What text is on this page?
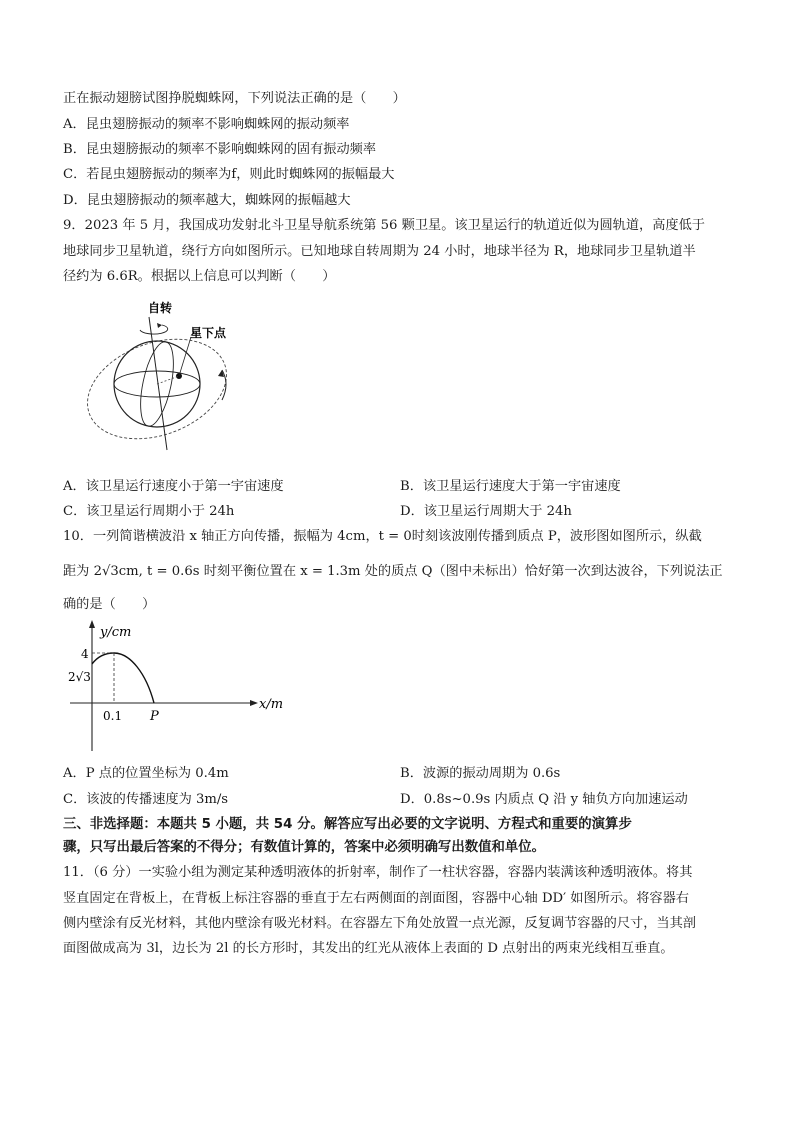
正在振动翅膀试图挣脱蜘蛛网，下列说法正确的是（　　）
A．昆虫翅膀振动的频率不影响蜘蛛网的振动频率
B．昆虫翅膀振动的频率不影响蜘蛛网的固有振动频率
C．若昆虫翅膀振动的频率为f，则此时蜘蛛网的振幅最大
D．昆虫翅膀振动的频率越大，蜘蛛网的振幅越大
9．2023 年 5 月，我国成功发射北斗卫星导航系统第 56 颗卫星。该卫星运行的轨道近似为圆轨道，高度低于
地球同步卫星轨道，绕行方向如图所示。已知地球自转周期为 24 小时，地球半径为 R，地球同步卫星轨道半
径约为 6.6R。根据以上信息可以判断（　　）
自转
星下点
A．该卫星运行速度小于第一宇宙速度	B．该卫星运行速度大于第一宇宙速度
C．该卫星运行周期小于 24h	D．该卫星运行周期大于 24h
10．一列简谐横波沿 x 轴正方向传播，振幅为 4cm，t = 0时刻该波刚传播到质点 P，波形图如图所示，纵截
距为 2√3cm, t = 0.6s 时刻平衡位置在 x = 1.3m 处的质点 Q（图中未标出）恰好第一次到达波谷，下列说法正
确的是（　　）
y/cm
x/m
4
2√3
0.1 P
A．P 点的位置坐标为 0.4m	B．波源的振动周期为 0.6s
C．该波的传播速度为 3m/s	D．0.8s~0.9s 内质点 Q 沿 y 轴负方向加速运动
三、非选择题：本题共 5 小题，共 54 分。解答应写出必要的文字说明、方程式和重要的演算步
骤，只写出最后答案的不得分；有数值计算的，答案中必须明确写出数值和单位。
11．（6 分）一实验小组为测定某种透明液体的折射率，制作了一柱状容器，容器内装满该种透明液体。将其
竖直固定在背板上，在背板上标注容器的垂直于左右两侧面的剖面图，容器中心轴 DD′ 如图所示。将容器右
侧内壁涂有反光材料，其他内壁涂有吸光材料。在容器左下角处放置一点光源，反复调节容器的尺寸，当其剖
面图做成高为 3l，边长为 2l 的长方形时，其发出的红光从液体上表面的 D 点射出的两束光线相互垂直。
